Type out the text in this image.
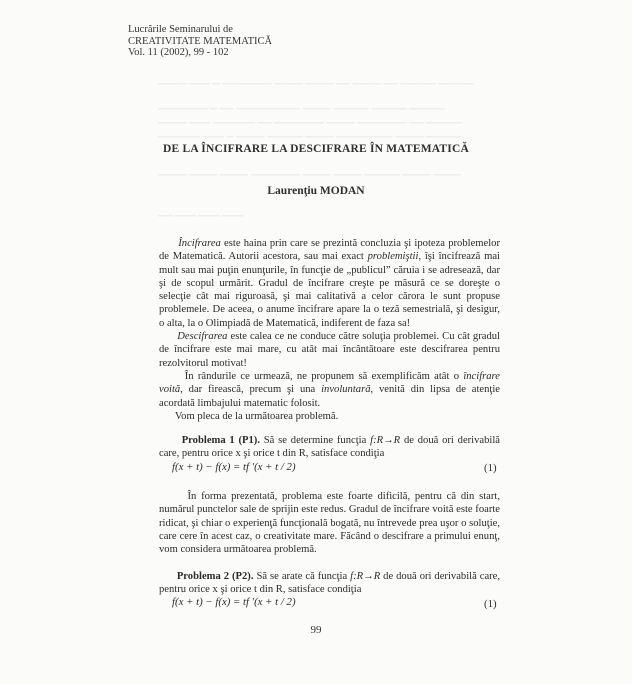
──── ─── ─ ─────── ──── ──── ── ──── ── ───── ─────
─────── ─ ── ───────── ──── ───── ───── ─────
──── ─── ────── ── ─────── ──── ─────── ── ─────
────── ─── ─ ──── ───── ──── ──────── ──── ─────
──── ──── ──── ─────── ──── ──── ───── ──── ────
── ─── ─── ───
Lucrările Seminarului de
CREATIVITATE MATEMATICĂ
Vol. 11 (2002), 99 - 102
DE LA ÎNCIFRARE LA DESCIFRARE ÎN MATEMATICĂ
Laurenţiu MODAN

Încifrarea este haina prin care se prezintă concluzia şi ipoteza problemelor de Matematică. Autorii acestora, sau mai exact problemiştii, îşi încifrează mai mult sau mai puţin enunţurile, în funcţie de „publicul” căruia i se adresează, dar şi de scopul urmărit. Gradul de încifrare creşte pe măsură ce se doreşte o selecţie cât mai riguroasă, şi mai calitativă a celor cărora le sunt propuse problemele. De aceea, o anume încifrare apare la o teză semestrială, şi desigur, o alta, la o Olimpiadă de Matematică, indiferent de faza sa!

Descifrarea este calea ce ne conduce către soluţia problemei. Cu cât gradul de încifrare este mai mare, cu atât mai încântătoare este descifrarea pentru rezolvitorul motivat!

În rândurile ce urmează, ne propunem să exemplificăm atât o încifrare voită, dar firească, precum şi una involuntară, venită din lipsa de atenţie acordată limbajului matematic folosit.

Vom pleca de la următoarea problemă.

Problema 1 (P1). Să se determine funcţia f:R→R de două ori derivabilă care, pentru orice x şi orice t din R, satisface condiţia

f(x + t) − f(x) = tf ′(x + t / 2)	(1)

În forma prezentată, problema este foarte dificilă, pentru că din start, numărul punctelor sale de sprijin este redus. Gradul de încifrare voită este foarte ridicat, şi chiar o experienţă funcţională bogată, nu întrevede prea uşor o soluţie, care cere în acest caz, o creativitate mare. Făcând o descifrare a primului enunţ, vom considera următoarea problemă.

Problema 2 (P2). Să se arate că funcţia f:R→R de două ori derivabilă care, pentru orice x şi orice t din R, satisface condiţia

f(x + t) − f(x) = tf ′(x + t / 2)	(1)
99
